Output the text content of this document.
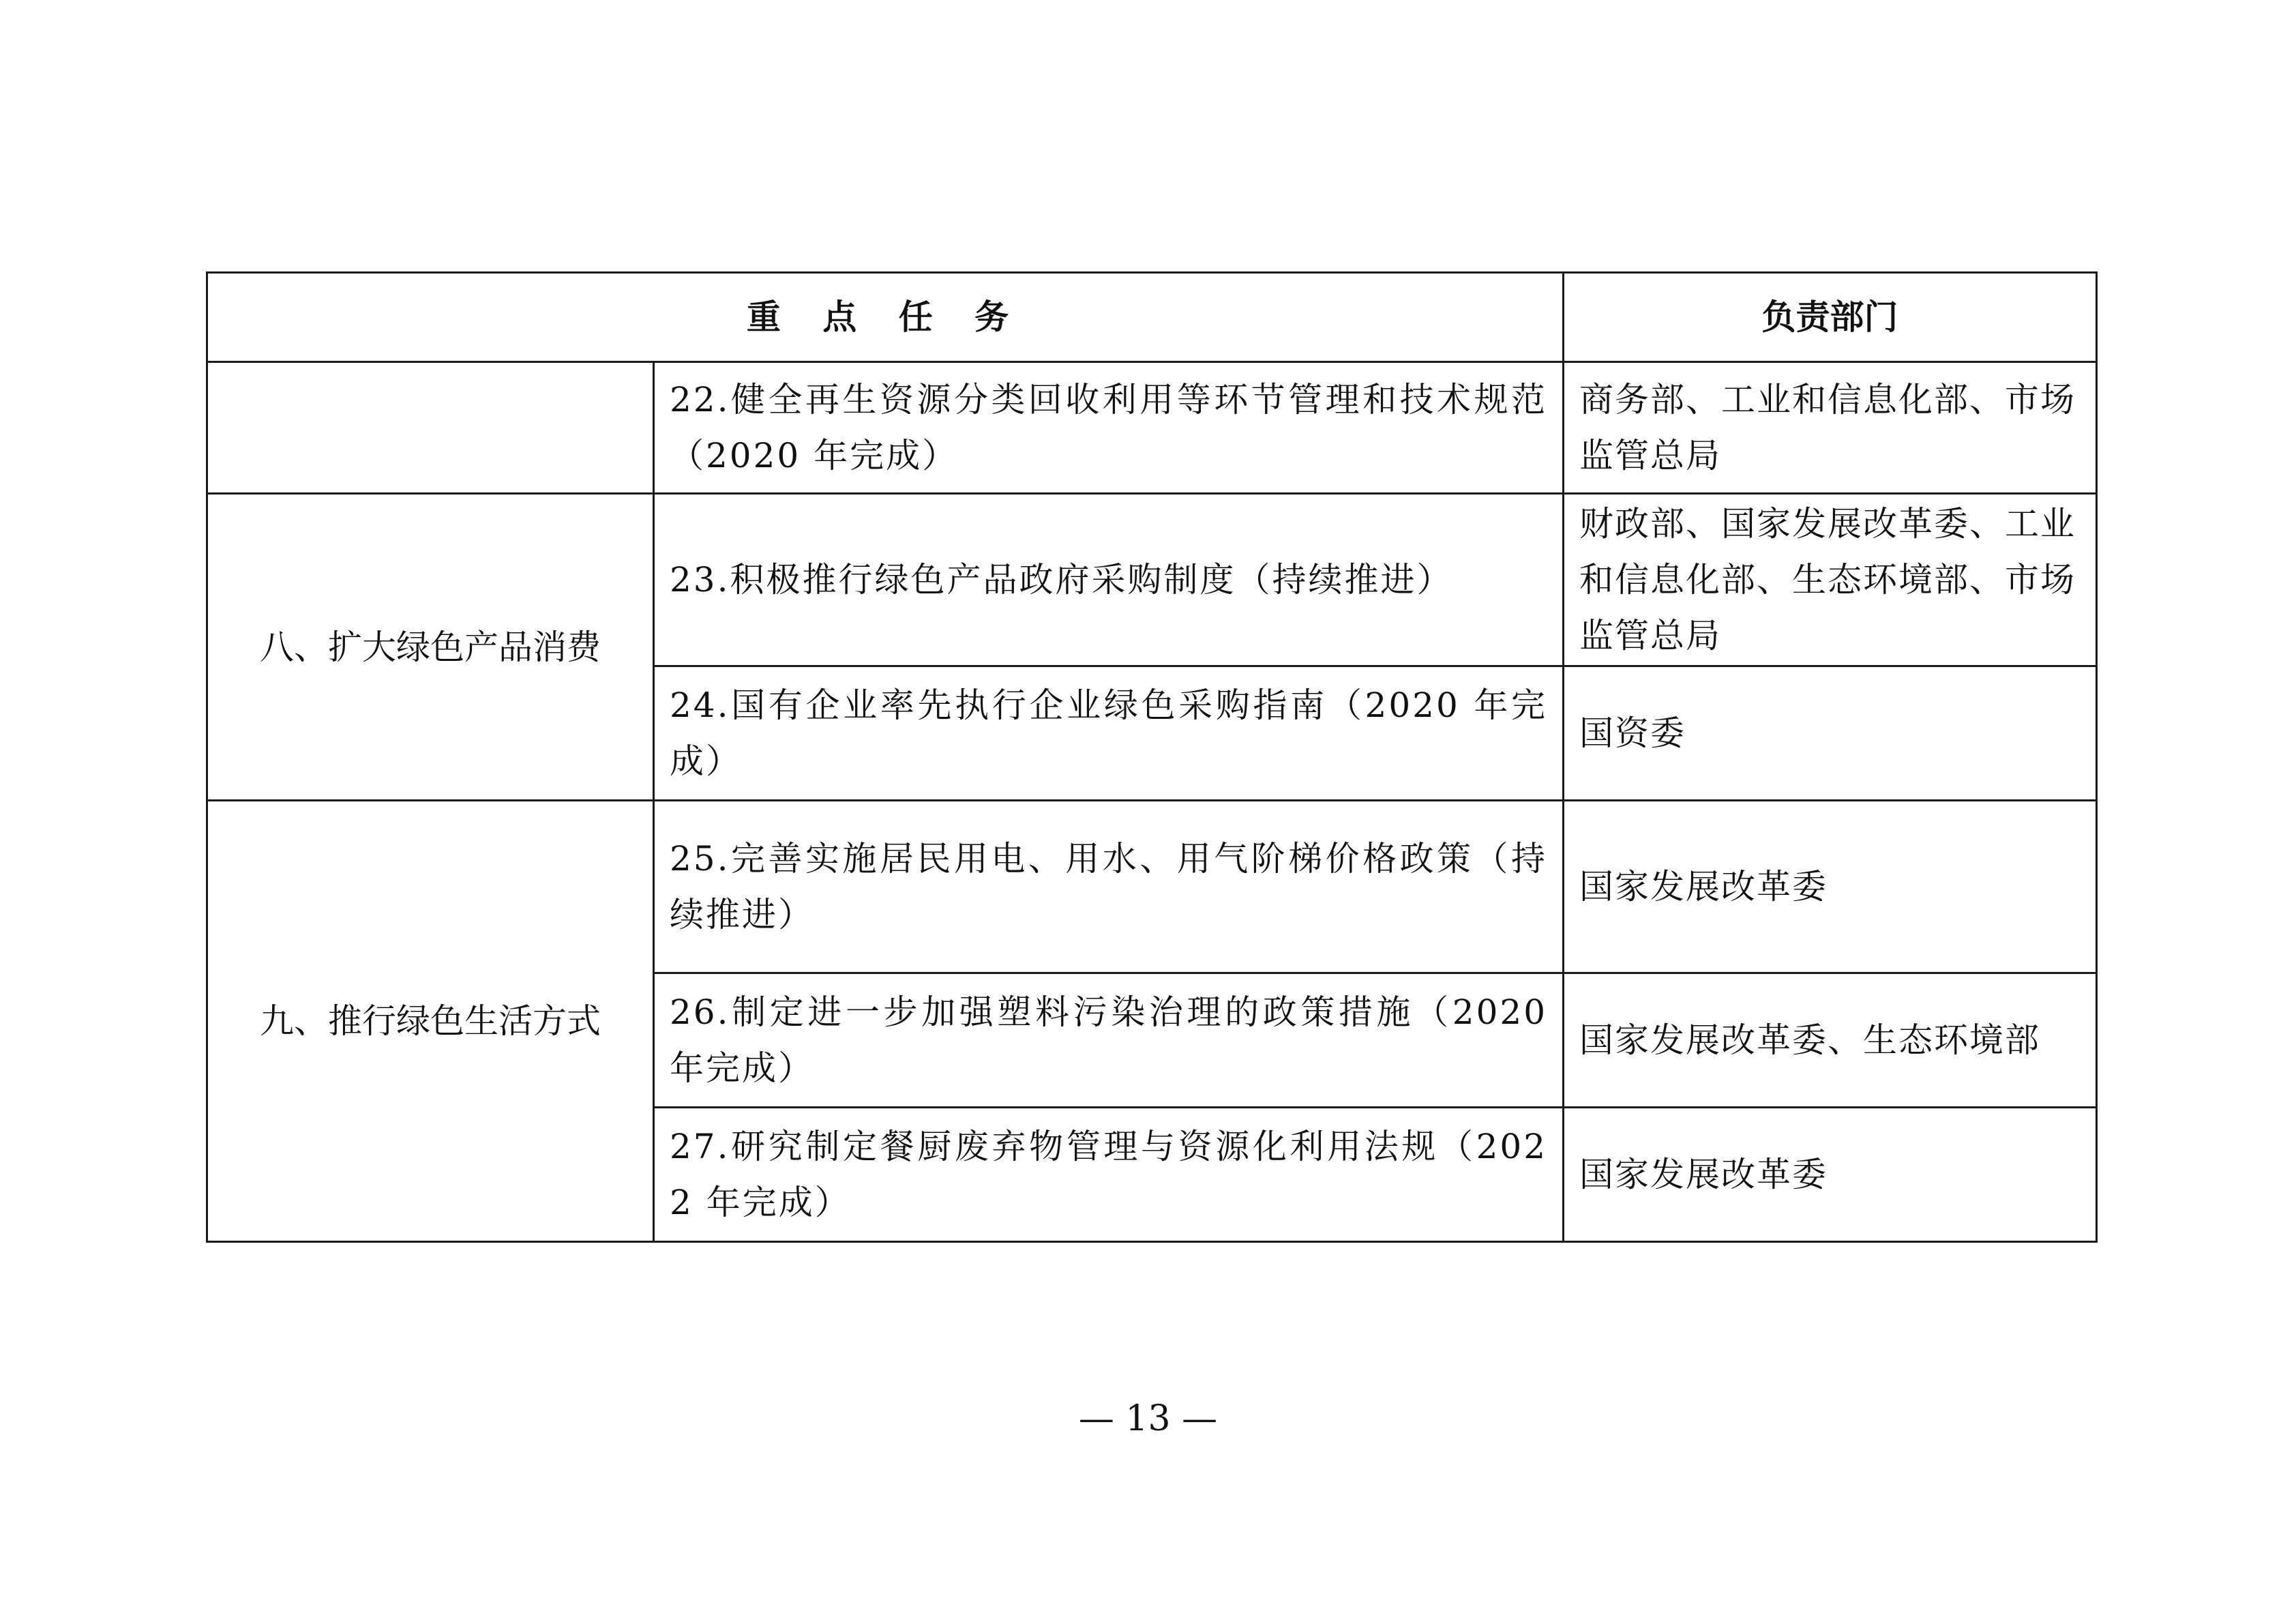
重 点 任 务		负责部门
	22.健全再生资源分类回收利用等环节管理和技术规范（2020 年完成）	商务部、工业和信息化部、市场监管总局
八、扩大绿色产品消费	23.积极推行绿色产品政府采购制度（持续推进）	财政部、国家发展改革委、工业和信息化部、生态环境部、市场监管总局
	24.国有企业率先执行企业绿色采购指南（2020 年完成）	国资委
九、推行绿色生活方式	25.完善实施居民用电、用水、用气阶梯价格政策（持续推进）	国家发展改革委
	26.制定进一步加强塑料污染治理的政策措施（2020 年完成）	国家发展改革委、生态环境部
	27.研究制定餐厨废弃物管理与资源化利用法规（2022 年完成）	国家发展改革委
— 13 —
